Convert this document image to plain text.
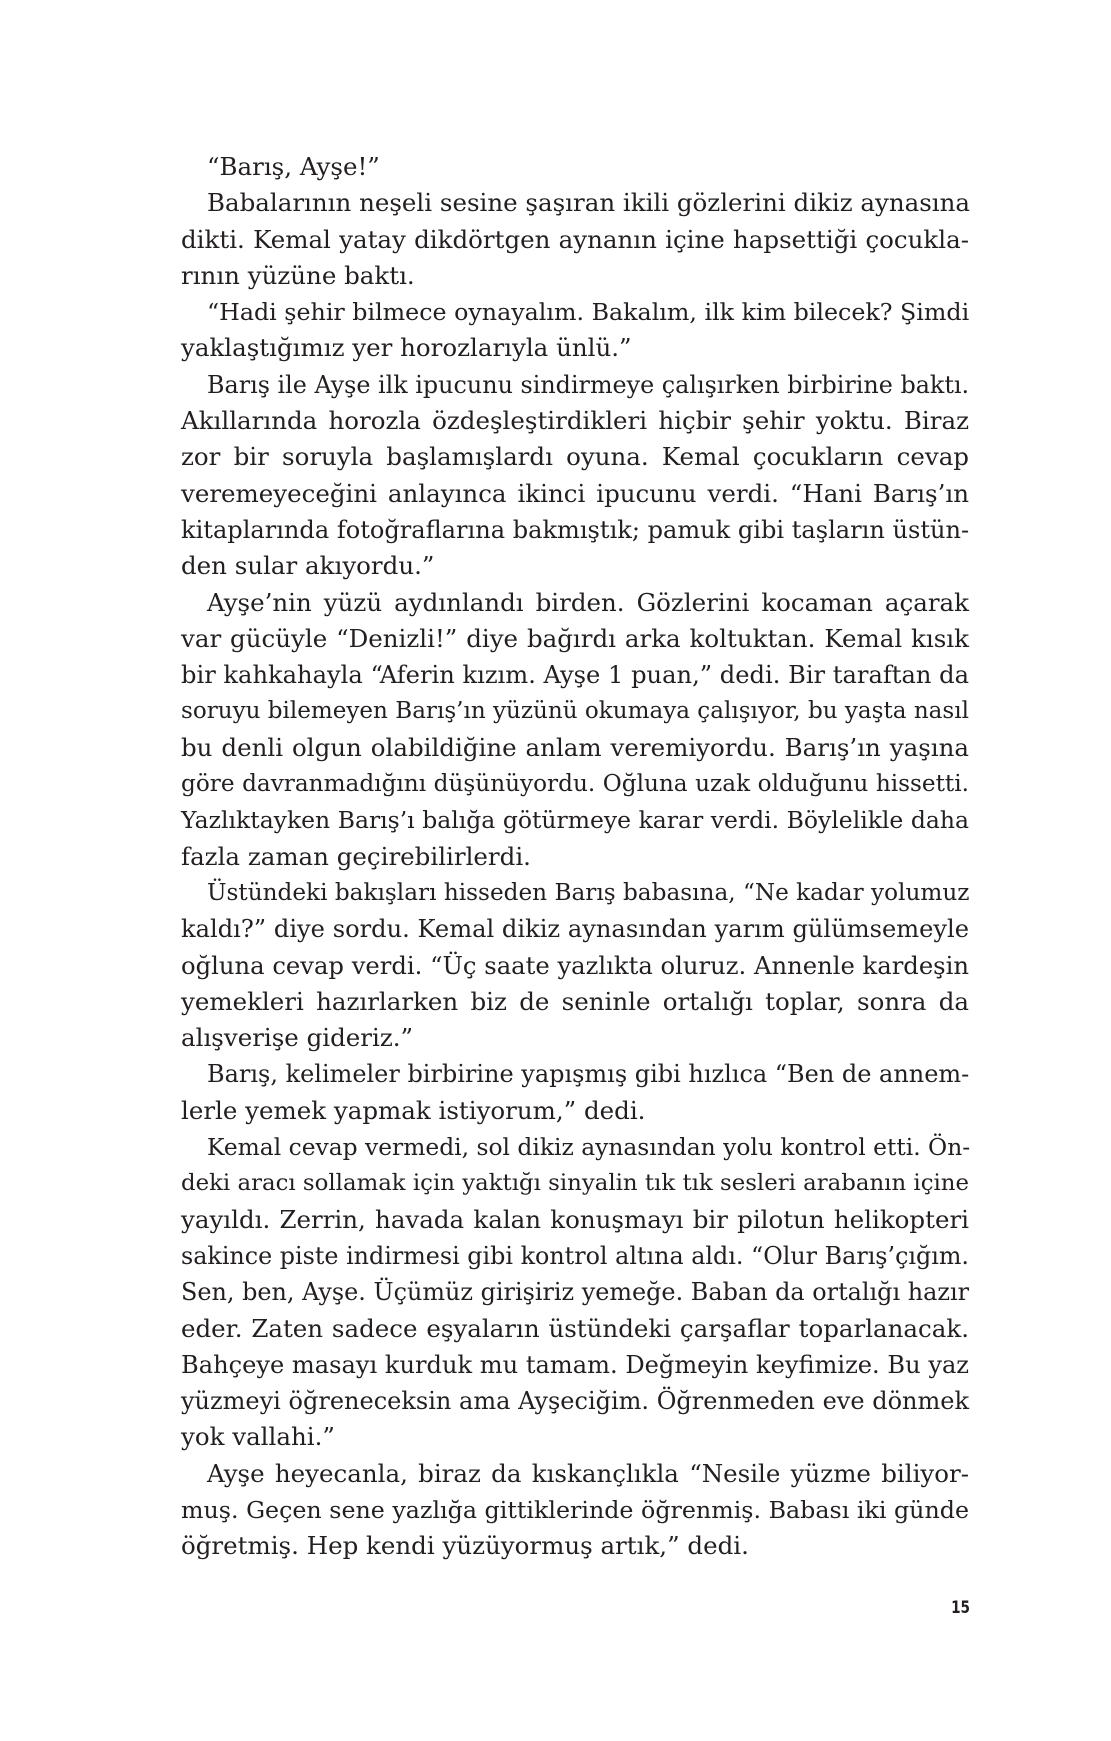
“Barış, Ayşe!”
Babalarının neşeli sesine şaşıran ikili gözlerini dikiz aynasına
dikti. Kemal yatay dikdörtgen aynanın içine hapsettiği çocukla-
rının yüzüne baktı.
“Hadi şehir bilmece oynayalım. Bakalım, ilk kim bilecek? Şimdi
yaklaştığımız yer horozlarıyla ünlü.”
Barış ile Ayşe ilk ipucunu sindirmeye çalışırken birbirine baktı.
Akıllarında horozla özdeşleştirdikleri hiçbir şehir yoktu. Biraz
zor bir soruyla başlamışlardı oyuna. Kemal çocukların cevap
veremeyeceğini anlayınca ikinci ipucunu verdi. “Hani Barış’ın
kitaplarında fotoğraflarına bakmıştık; pamuk gibi taşların üstün-
den sular akıyordu.”
Ayşe’nin yüzü aydınlandı birden. Gözlerini kocaman açarak
var gücüyle “Denizli!” diye bağırdı arka koltuktan. Kemal kısık
bir kahkahayla “Aferin kızım. Ayşe 1 puan,” dedi. Bir taraftan da
soruyu bilemeyen Barış’ın yüzünü okumaya çalışıyor, bu yaşta nasıl
bu denli olgun olabildiğine anlam veremiyordu. Barış’ın yaşına
göre davranmadığını düşünüyordu. Oğluna uzak olduğunu hissetti.
Yazlıktayken Barış’ı balığa götürmeye karar verdi. Böylelikle daha
fazla zaman geçirebilirlerdi.
Üstündeki bakışları hisseden Barış babasına, “Ne kadar yolumuz
kaldı?” diye sordu. Kemal dikiz aynasından yarım gülümsemeyle
oğluna cevap verdi. “Üç saate yazlıkta oluruz. Annenle kardeşin
yemekleri hazırlarken biz de seninle ortalığı toplar, sonra da
alışverişe gideriz.”
Barış, kelimeler birbirine yapışmış gibi hızlıca “Ben de annem-
lerle yemek yapmak istiyorum,” dedi.
Kemal cevap vermedi, sol dikiz aynasından yolu kontrol etti. Ön-
deki aracı sollamak için yaktığı sinyalin tık tık sesleri arabanın içine
yayıldı. Zerrin, havada kalan konuşmayı bir pilotun helikopteri
sakince piste indirmesi gibi kontrol altına aldı. “Olur Barış’çığım.
Sen, ben, Ayşe. Üçümüz girişiriz yemeğe. Baban da ortalığı hazır
eder. Zaten sadece eşyaların üstündeki çarşaflar toparlanacak.
Bahçeye masayı kurduk mu tamam. Değmeyin keyfimize. Bu yaz
yüzmeyi öğreneceksin ama Ayşeciğim. Öğrenmeden eve dönmek
yok vallahi.”
Ayşe heyecanla, biraz da kıskançlıkla “Nesile yüzme biliyor-
muş. Geçen sene yazlığa gittiklerinde öğrenmiş. Babası iki günde
öğretmiş. Hep kendi yüzüyormuş artık,” dedi.
15
